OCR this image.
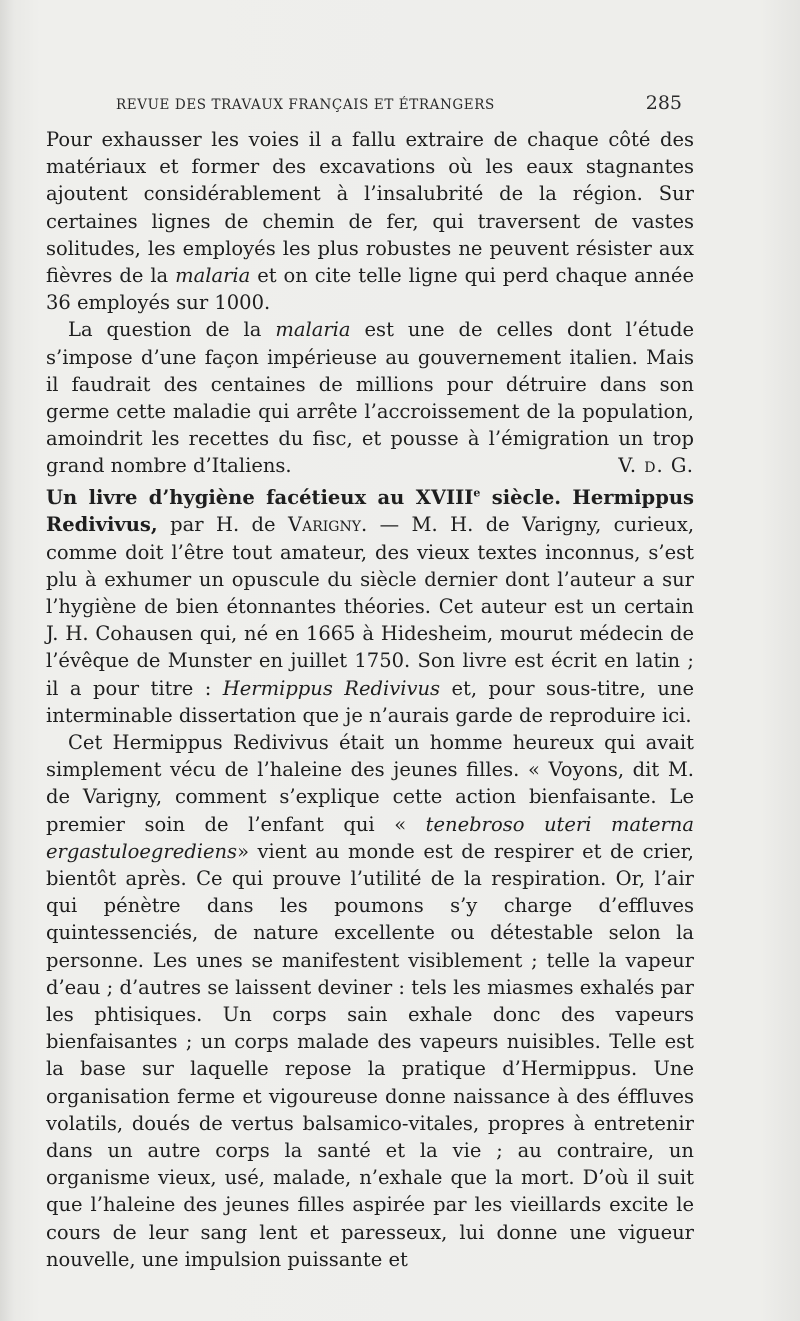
REVUE DES TRAVAUX FRANÇAIS ET ÉTRANGERS	285

Pour exhausser les voies il a fallu extraire de chaque côté des matériaux et former des excavations où les eaux stagnantes ajoutent considérablement à l’insalubrité de la région. Sur certaines lignes de chemin de fer, qui traversent de vastes solitudes, les employés les plus robustes ne peuvent résister aux fièvres de la malaria et on cite telle ligne qui perd chaque année 36 employés sur 1000.

La question de la malaria est une de celles dont l’étude s’impose d’une façon impérieuse au gouvernement italien. Mais il faudrait des centaines de millions pour détruire dans son germe cette maladie qui arrête l’accroissement de la population, amoindrit les recettes du fisc, et pousse à l’émigration un trop grand nombre d’Italiens.	V. d. G.

Un livre d’hygiène facétieux au XVIIIe siècle. Hermippus Redivivus, par H. de Varigny. — M. H. de Varigny, curieux, comme doit l’être tout amateur, des vieux textes inconnus, s’est plu à exhumer un opuscule du siècle dernier dont l’auteur a sur l’hygiène de bien étonnantes théories. Cet auteur est un certain J. H. Cohausen qui, né en 1665 à Hidesheim, mourut médecin de l’évêque de Munster en juillet 1750. Son livre est écrit en latin ; il a pour titre : Hermippus Redivivus et, pour sous-titre, une interminable dissertation que je n’aurais garde de reproduire ici.

Cet Hermippus Redivivus était un homme heureux qui avait simplement vécu de l’haleine des jeunes filles. « Voyons, dit M. de Varigny, comment s’explique cette action bienfaisante. Le premier soin de l’enfant qui « tenebroso uteri materna ergastuloegrediens» vient au monde est de respirer et de crier, bientôt après. Ce qui prouve l’utilité de la respiration. Or, l’air qui pénètre dans les poumons s’y charge d’effluves quintessenciés, de nature excellente ou détestable selon la personne. Les unes se manifestent visiblement ; telle la vapeur d’eau ; d’autres se laissent deviner : tels les miasmes exhalés par les phtisiques. Un corps sain exhale donc des vapeurs bienfaisantes ; un corps malade des vapeurs nuisibles. Telle est la base sur laquelle repose la pratique d’Hermippus. Une organisation ferme et vigoureuse donne naissance à des éffluves volatils, doués de vertus balsamico-vitales, propres à entretenir dans un autre corps la santé et la vie ; au contraire, un organisme vieux, usé, malade, n’exhale que la mort. D’où il suit que l’haleine des jeunes filles aspirée par les vieillards excite le cours de leur sang lent et paresseux, lui donne une vigueur nouvelle, une impulsion puissante et
